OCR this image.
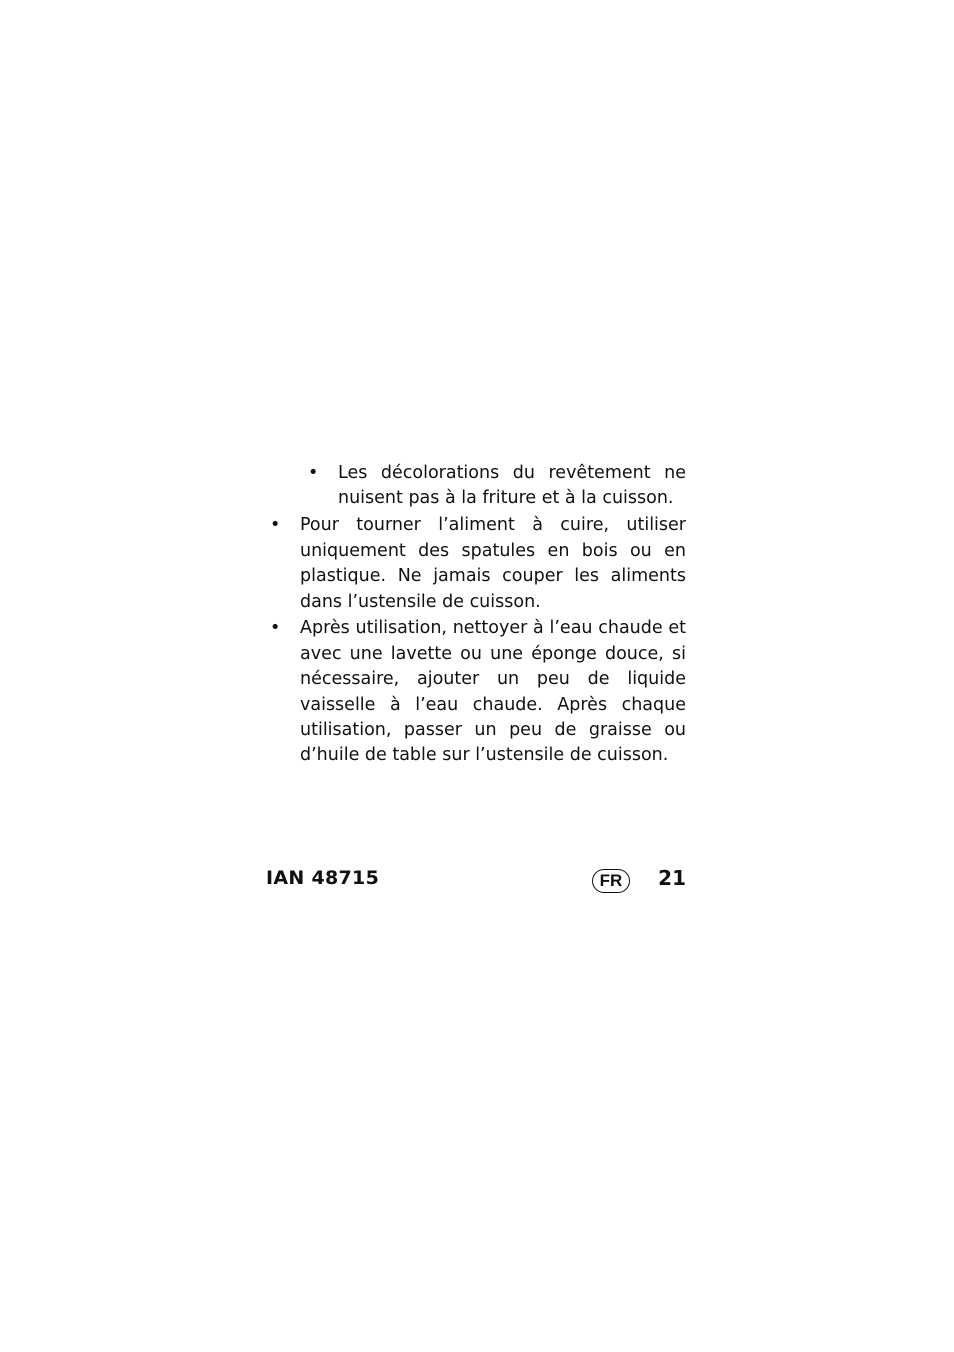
• Les décolorations du revêtement ne nuisent pas à la friture et à la cuisson.
• Pour tourner l’aliment à cuire, utiliser uniquement des spatules en bois ou en plastique. Ne jamais couper les aliments dans l’ustensile de cuisson.
• Après utilisation, nettoyer à l’eau chaude et avec une lavette ou une éponge douce, si nécessaire, ajouter un peu de liquide vaisselle à l’eau chaude. Après chaque utilisation, passer un peu de graisse ou d’huile de table sur l’ustensile de cuisson.
IAN 48715	FR	21
